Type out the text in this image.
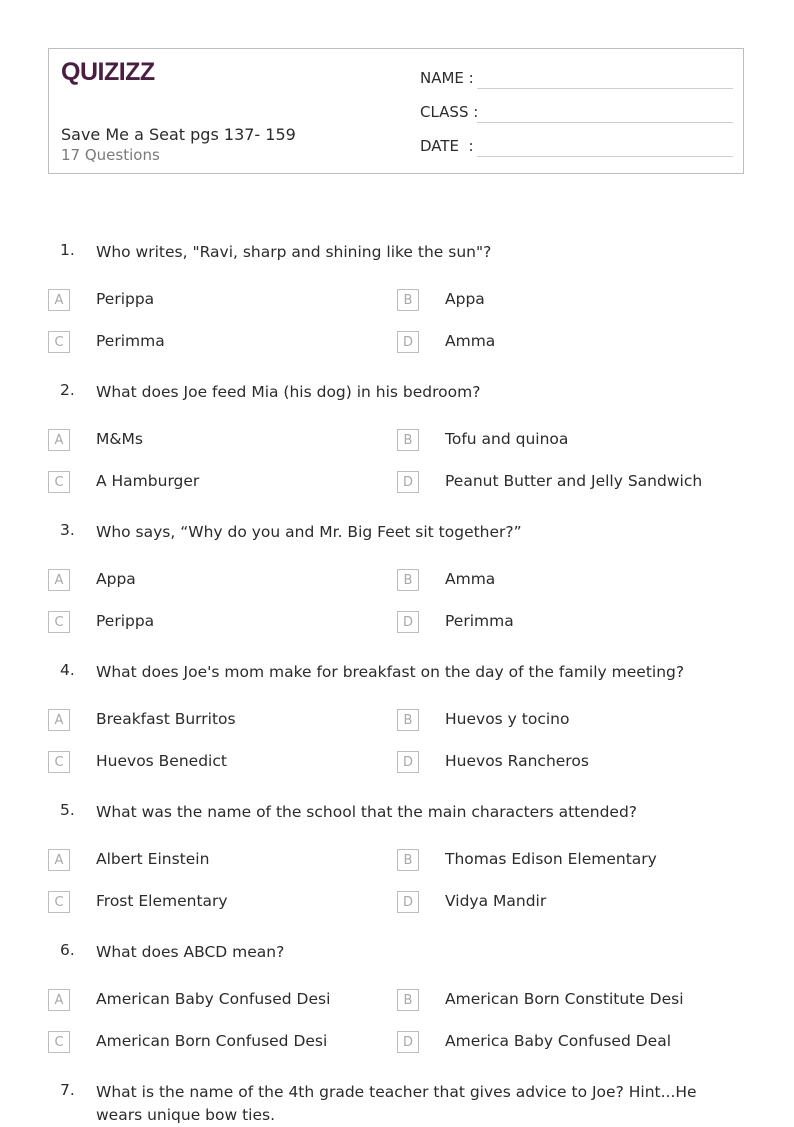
QUIZIZZ
Save Me a Seat pgs 137- 159
17 Questions
NAME :
CLASS :
DATE  :
1. Who writes, "Ravi, sharp and shining like the sun"?
A	Perippa	B	Appa
C	Perimma	D	Amma
2. What does Joe feed Mia (his dog) in his bedroom?
A	M&Ms	B	Tofu and quinoa
C	A Hamburger	D	Peanut Butter and Jelly Sandwich
3. Who says, “Why do you and Mr. Big Feet sit together?”
A	Appa	B	Amma
C	Perippa	D	Perimma
4. What does Joe's mom make for breakfast on the day of the family meeting?
A	Breakfast Burritos	B	Huevos y tocino
C	Huevos Benedict	D	Huevos Rancheros
5. What was the name of the school that the main characters attended?
A	Albert Einstein	B	Thomas Edison Elementary
C	Frost Elementary	D	Vidya Mandir
6. What does ABCD mean?
A	American Baby Confused Desi	B	American Born Constitute Desi
C	American Born Confused Desi	D	America Baby Confused Deal
7. What is the name of the 4th grade teacher that gives advice to Joe? Hint...He wears unique bow ties.
